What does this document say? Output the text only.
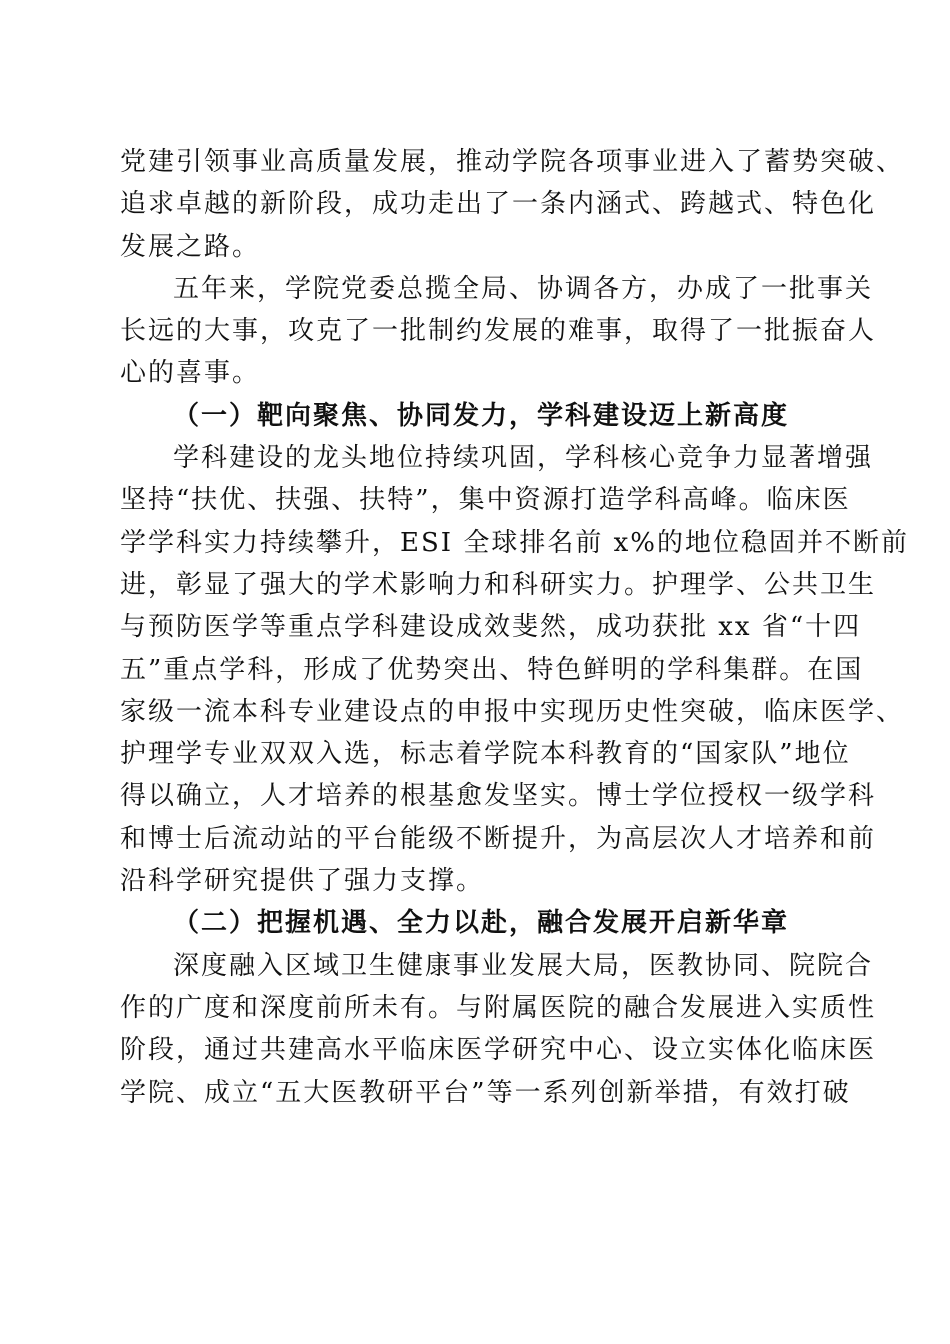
党建引领事业高质量发展，推动学院各项事业进入了蓄势突破、
追求卓越的新阶段，成功走出了一条内涵式、跨越式、特色化
发展之路。
五年来，学院党委总揽全局、协调各方，办成了一批事关
长远的大事，攻克了一批制约发展的难事，取得了一批振奋人
心的喜事。
（一）靶向聚焦、协同发力，学科建设迈上新高度
学科建设的龙头地位持续巩固，学科核心竞争力显著增强
坚持“扶优、扶强、扶特”，集中资源打造学科高峰。临床医
学学科实力持续攀升，ESI 全球排名前 x%的地位稳固并不断前
进，彰显了强大的学术影响力和科研实力。护理学、公共卫生
与预防医学等重点学科建设成效斐然，成功获批 xx 省“十四
五”重点学科，形成了优势突出、特色鲜明的学科集群。在国
家级一流本科专业建设点的申报中实现历史性突破，临床医学、
护理学专业双双入选，标志着学院本科教育的“国家队”地位
得以确立，人才培养的根基愈发坚实。博士学位授权一级学科
和博士后流动站的平台能级不断提升，为高层次人才培养和前
沿科学研究提供了强力支撑。
（二）把握机遇、全力以赴，融合发展开启新华章
深度融入区域卫生健康事业发展大局，医教协同、院院合
作的广度和深度前所未有。与附属医院的融合发展进入实质性
阶段，通过共建高水平临床医学研究中心、设立实体化临床医
学院、成立“五大医教研平台”等一系列创新举措，有效打破
